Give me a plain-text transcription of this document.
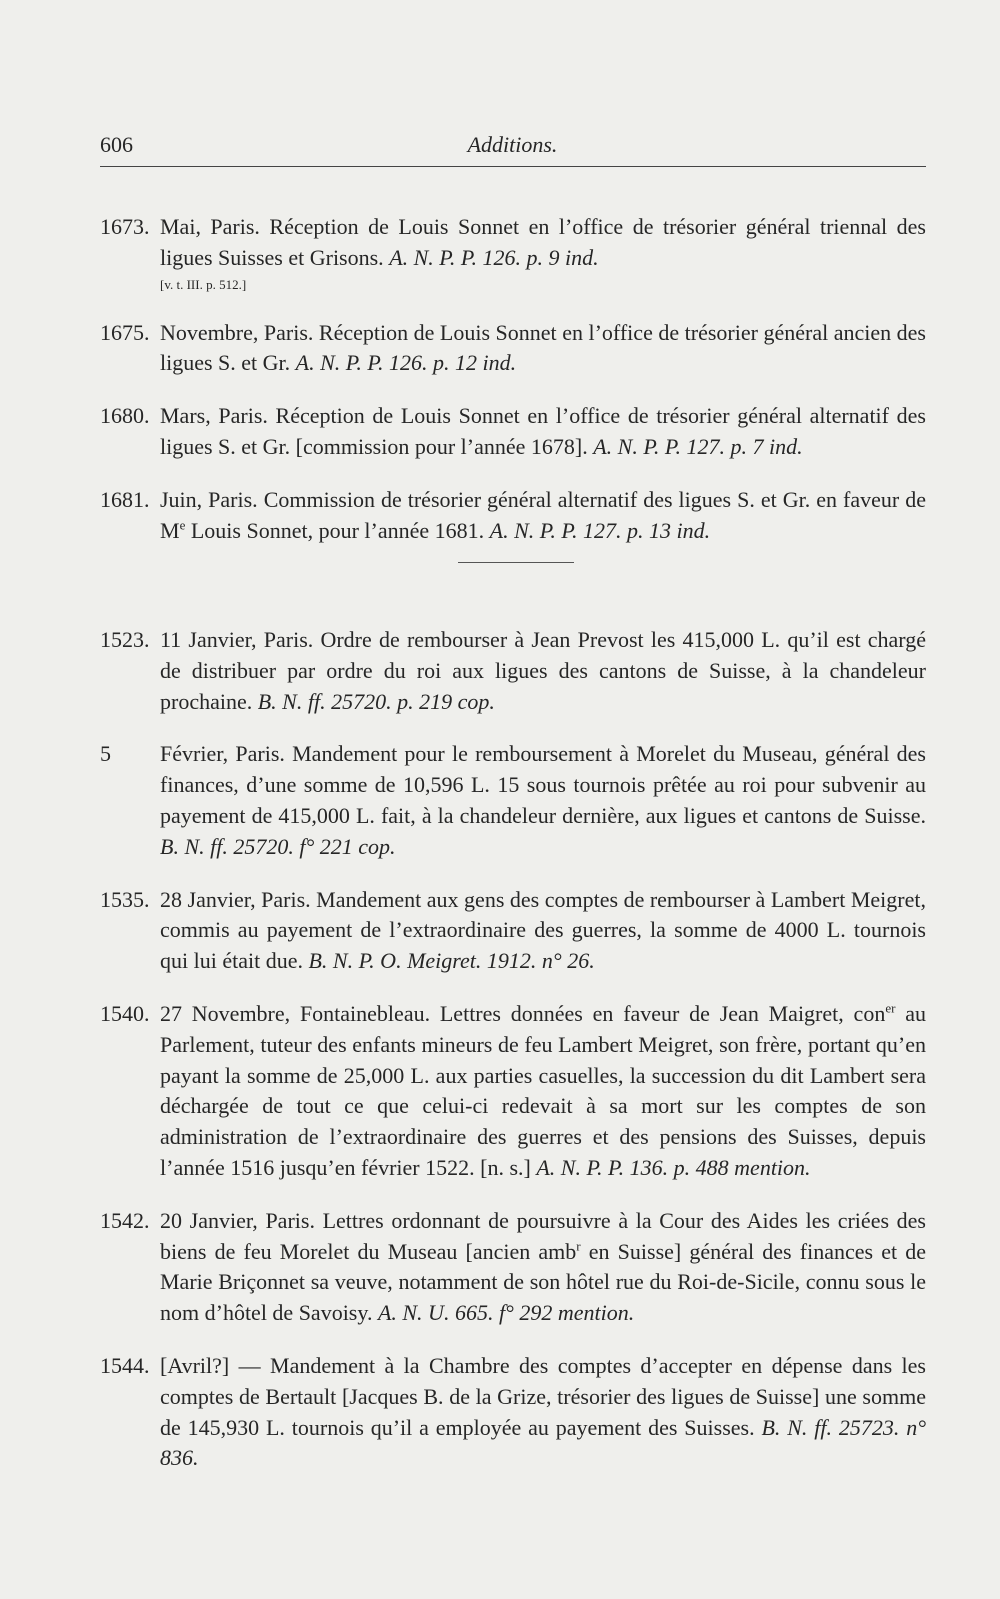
606	Additions.

1673. Mai, Paris. Réception de Louis Sonnet en l’office de trésorier général triennal des ligues Suisses et Grisons. A. N. P. P. 126. p. 9 ind.
[v. t. III. p. 512.]

1675. Novembre, Paris. Réception de Louis Sonnet en l’office de trésorier général ancien des ligues S. et Gr. A. N. P. P. 126. p. 12 ind.

1680. Mars, Paris. Réception de Louis Sonnet en l’office de trésorier général alternatif des ligues S. et Gr. [commission pour l’année 1678]. A. N. P. P. 127. p. 7 ind.

1681. Juin, Paris. Commission de trésorier général alternatif des ligues S. et Gr. en faveur de Me Louis Sonnet, pour l’année 1681. A. N. P. P. 127. p. 13 ind.

1523. 11 Janvier, Paris. Ordre de rembourser à Jean Prevost les 415,000 L. qu’il est chargé de distribuer par ordre du roi aux ligues des cantons de Suisse, à la chandeleur prochaine. B. N. ff. 25720. p. 219 cop.

5 Février, Paris. Mandement pour le remboursement à Morelet du Museau, général des finances, d’une somme de 10,596 L. 15 sous tournois prêtée au roi pour subvenir au payement de 415,000 L. fait, à la chandeleur dernière, aux ligues et cantons de Suisse. B. N. ff. 25720. f° 221 cop.

1535. 28 Janvier, Paris. Mandement aux gens des comptes de rembourser à Lambert Meigret, commis au payement de l’extraordinaire des guerres, la somme de 4000 L. tournois qui lui était due. B. N. P. O. Meigret. 1912. n° 26.

1540. 27 Novembre, Fontainebleau. Lettres données en faveur de Jean Maigret, con$^{er}$ au Parlement, tuteur des enfants mineurs de feu Lambert Meigret, son frère, portant qu’en payant la somme de 25,000 L. aux parties casuelles, la succession du dit Lambert sera déchargée de tout ce que celui-ci redevait à sa mort sur les comptes de son administration de l’extraordinaire des guerres et des pensions des Suisses, depuis l’année 1516 jusqu’en février 1522. [n. s.] A. N. P. P. 136. p. 488 mention.

1542. 20 Janvier, Paris. Lettres ordonnant de poursuivre à la Cour des Aides les criées des biens de feu Morelet du Museau [ancien amb$^r$ en Suisse] général des finances et de Marie Briçonnet sa veuve, notamment de son hôtel rue du Roi-de-Sicile, connu sous le nom d’hôtel de Savoisy. A. N. U. 665. f° 292 mention.

1544. [Avril?] — Mandement à la Chambre des comptes d’accepter en dépense dans les comptes de Bertault [Jacques B. de la Grize, trésorier des ligues de Suisse] une somme de 145,930 L. tournois qu’il a employée au payement des Suisses. B. N. ff. 25723. n° 836.
